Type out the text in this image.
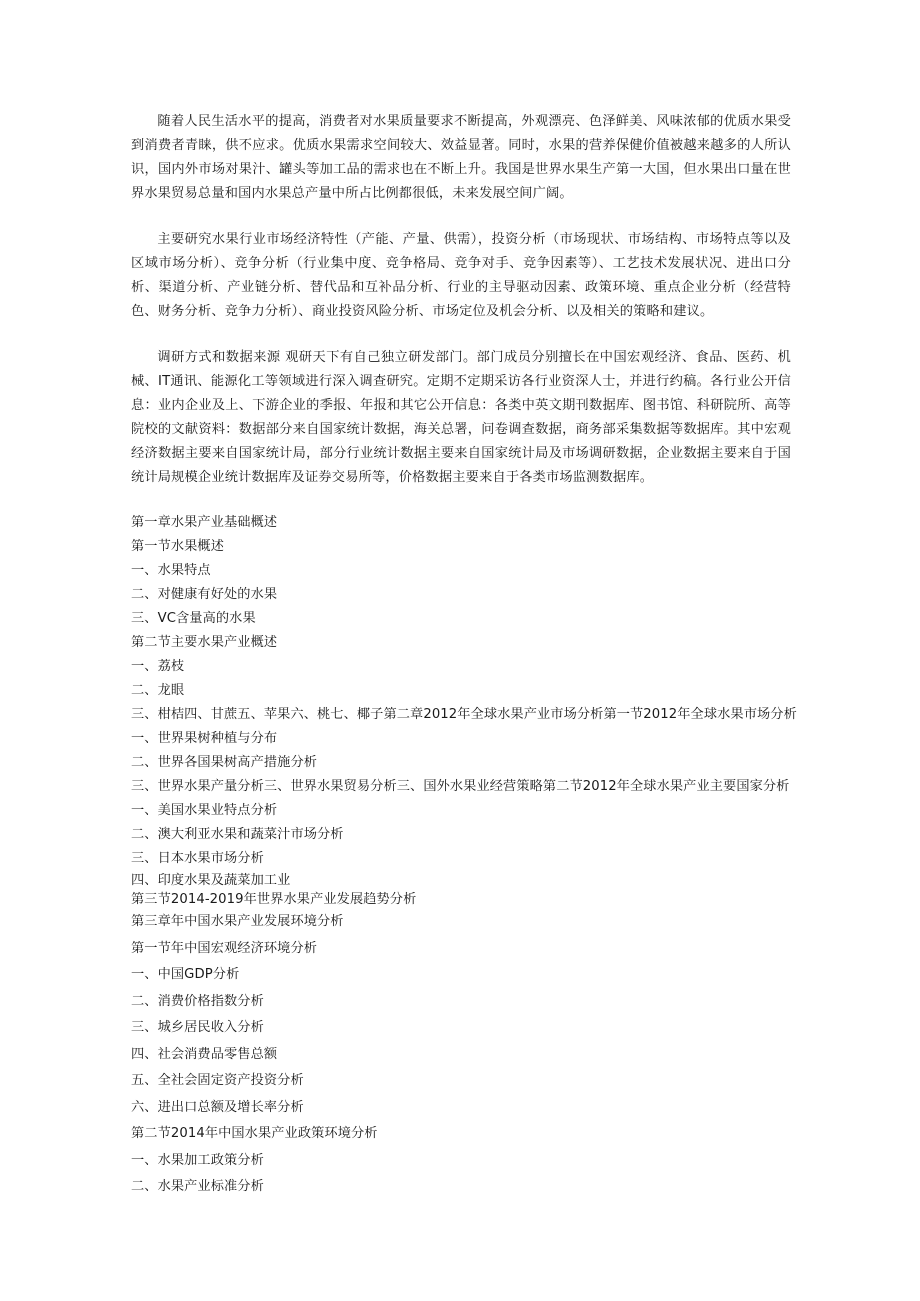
随着人民生活水平的提高，消费者对水果质量要求不断提高，外观漂亮、色泽鲜美、风味浓郁的优质水果受到消费者青睐，供不应求。优质水果需求空间较大、效益显著。同时，水果的营养保健价值被越来越多的人所认识，国内外市场对果汁、罐头等加工品的需求也在不断上升。我国是世界水果生产第一大国，但水果出口量在世界水果贸易总量和国内水果总产量中所占比例都很低，未来发展空间广阔。

主要研究水果行业市场经济特性（产能、产量、供需），投资分析（市场现状、市场结构、市场特点等以及区域市场分析）、竞争分析（行业集中度、竞争格局、竞争对手、竞争因素等）、工艺技术发展状况、进出口分析、渠道分析、产业链分析、替代品和互补品分析、行业的主导驱动因素、政策环境、重点企业分析（经营特色、财务分析、竞争力分析）、商业投资风险分析、市场定位及机会分析、以及相关的策略和建议。

调研方式和数据来源 观研天下有自己独立研发部门。部门成员分别擅长在中国宏观经济、食品、医药、机械、IT通讯、能源化工等领域进行深入调查研究。定期不定期采访各行业资深人士，并进行约稿。各行业公开信息：业内企业及上、下游企业的季报、年报和其它公开信息：各类中英文期刊数据库、图书馆、科研院所、高等院校的文献资料：数据部分来自国家统计数据，海关总署，问卷调查数据，商务部采集数据等数据库。其中宏观经济数据主要来自国家统计局，部分行业统计数据主要来自国家统计局及市场调研数据，企业数据主要来自于国统计局规模企业统计数据库及证券交易所等，价格数据主要来自于各类市场监测数据库。

第一章水果产业基础概述
第一节水果概述
一、水果特点
二、对健康有好处的水果
三、VC含量高的水果
第二节主要水果产业概述
一、荔枝
二、龙眼
三、柑桔四、甘蔗五、苹果六、桃七、椰子第二章2012年全球水果产业市场分析第一节2012年全球水果市场分析
一、世界果树种植与分布
二、世界各国果树高产措施分析
三、世界水果产量分析三、世界水果贸易分析三、国外水果业经营策略第二节2012年全球水果产业主要国家分析
一、美国水果业特点分析
二、澳大利亚水果和蔬菜汁市场分析
三、日本水果市场分析
四、印度水果及蔬菜加工业
第三节2014-2019年世界水果产业发展趋势分析
第三章年中国水果产业发展环境分析
第一节年中国宏观经济环境分析
一、中国GDP分析
二、消费价格指数分析
三、城乡居民收入分析
四、社会消费品零售总额
五、全社会固定资产投资分析
六、进出口总额及增长率分析
第二节2014年中国水果产业政策环境分析
一、水果加工政策分析
二、水果产业标准分析
